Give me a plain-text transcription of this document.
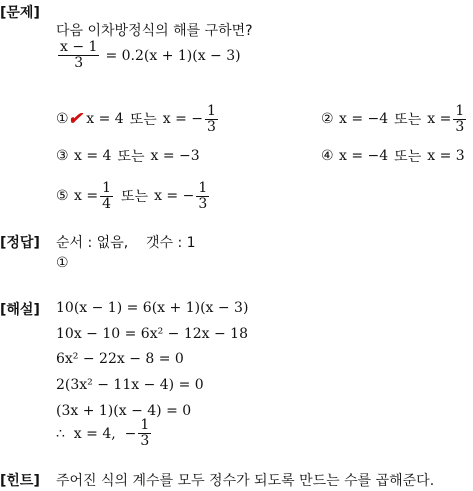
[문제]
다음 이차방정식의 해를 구하면?
$\frac{x - 1}{3} = 0.2(x + 1)(x - 3)$
① ✔ x = 4 또는 x = − $\frac{1}{3}$	② x = −4 또는 $x = \frac{1}{3}$
③ x = 4 또는 x = −3	④ x = −4 또는 x = 3
⑤ $x = \frac{1}{4}$ 또는 x = − $\frac{1}{3}$
[정답] 순서 : 없음,    갯수 : 1
①
[해설] 10(x − 1) = 6(x + 1)(x − 3)
10x − 10 = 6x² − 12x − 18
6x² − 22x − 8 = 0
2(3x² − 11x − 4) = 0
(3x + 1)(x − 4) = 0
∴  x = 4,  − $\frac{1}{3}$
[힌트] 주어진 식의 계수를 모두 정수가 되도록 만드는 수를 곱해준다.
